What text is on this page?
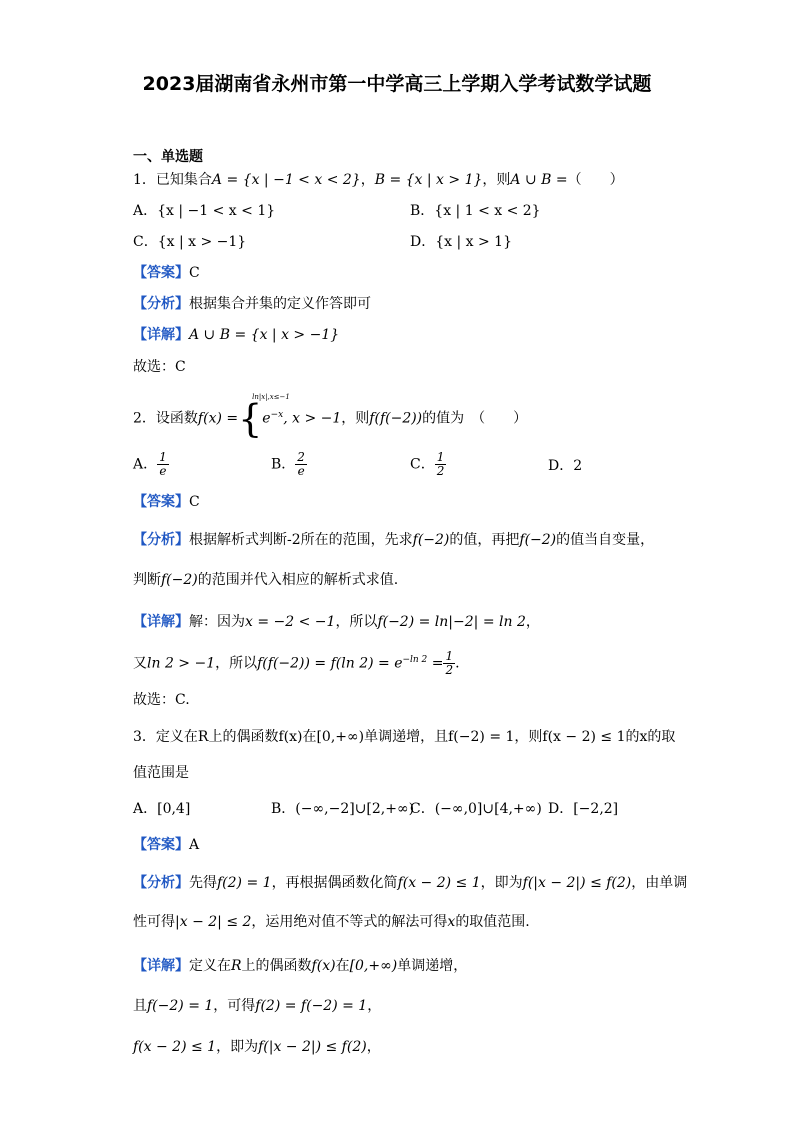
2023届湖南省永州市第一中学高三上学期入学考试数学试题
一、单选题
1．已知集合A = {x | −1 < x < 2}，B = {x | x > 1}，则A ∪ B =（　　）
A．{x | −1 < x < 1}	B．{x | 1 < x < 2}
C．{x | x > −1}	D．{x | x > 1}
【答案】C
【分析】根据集合并集的定义作答即可
【详解】A ∪ B = {x | x > −1}
故选：C
2．设函数f(x) ={
ln|x|,x≤−1
$e^{-x}$, x > −1，则f(f(−2))的值为　（　　）
A． $\frac{1}{e}$	B． $\frac{2}{e}$	C． $\frac{1}{2}$	D．2
【答案】C
【分析】根据解析式判断-2所在的范围，先求f(−2)的值，再把f(−2)的值当自变量，
判断f(−2)的范围并代入相应的解析式求值.
【详解】解：因为x = −2 < −1，所以f(−2) = ln|−2| = ln 2，
又ln 2 > −1，所以f(f(−2)) = f(ln $2) = e^{-ln 2} = \frac{1}{2}$ .
故选：C.
3．定义在R上的偶函数f(x)在[0,+∞)单调递增，且f(−2) = 1，则f(x − 2) ≤ 1的x的取
值范围是
A．[0,4]	B．(−∞,−2]∪[2,+∞)
C．(−∞,0]∪[4,+∞) D．[−2,2]
【答案】A
【分析】先得f(2) = 1，再根据偶函数化简f(x − 2) ≤ 1，即为f(|x − 2|) ≤ f(2)，由单调
性可得|x − 2| ≤ 2，运用绝对值不等式的解法可得x的取值范围.
【详解】定义在R上的偶函数f(x)在[0,+∞)单调递增，
且f(−2) = 1，可得f(2) = f(−2) = 1，
f(x − 2) ≤ 1，即为f(|x − 2|) ≤ f(2)，
